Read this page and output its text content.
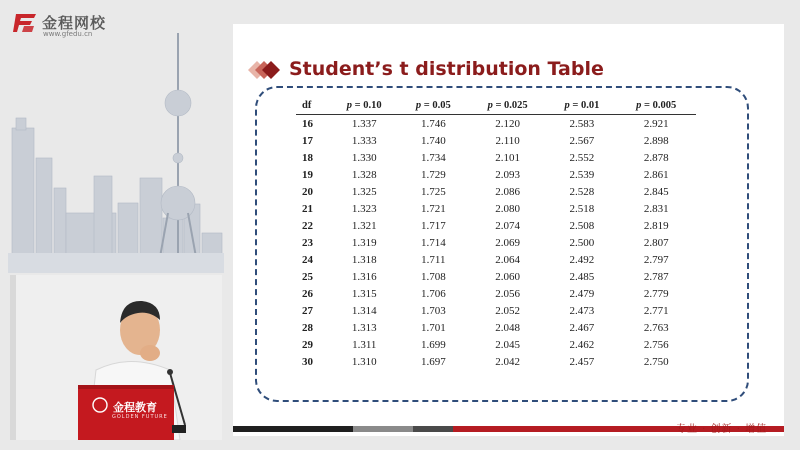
金程网校
www.gfedu.cn
金程教育
GOLDEN FUTURE
Student’s t distribution Table
df	p = 0.10	p = 0.05	p = 0.025	p = 0.01	p = 0.005
16	1.337	1.746	2.120	2.583	2.921
17	1.333	1.740	2.110	2.567	2.898
18	1.330	1.734	2.101	2.552	2.878
19	1.328	1.729	2.093	2.539	2.861
20	1.325	1.725	2.086	2.528	2.845
21	1.323	1.721	2.080	2.518	2.831
22	1.321	1.717	2.074	2.508	2.819
23	1.319	1.714	2.069	2.500	2.807
24	1.318	1.711	2.064	2.492	2.797
25	1.316	1.708	2.060	2.485	2.787
26	1.315	1.706	2.056	2.479	2.779
27	1.314	1.703	2.052	2.473	2.771
28	1.313	1.701	2.048	2.467	2.763
29	1.311	1.699	2.045	2.462	2.756
30	1.310	1.697	2.042	2.457	2.750
专业 · 创新 · 增值
